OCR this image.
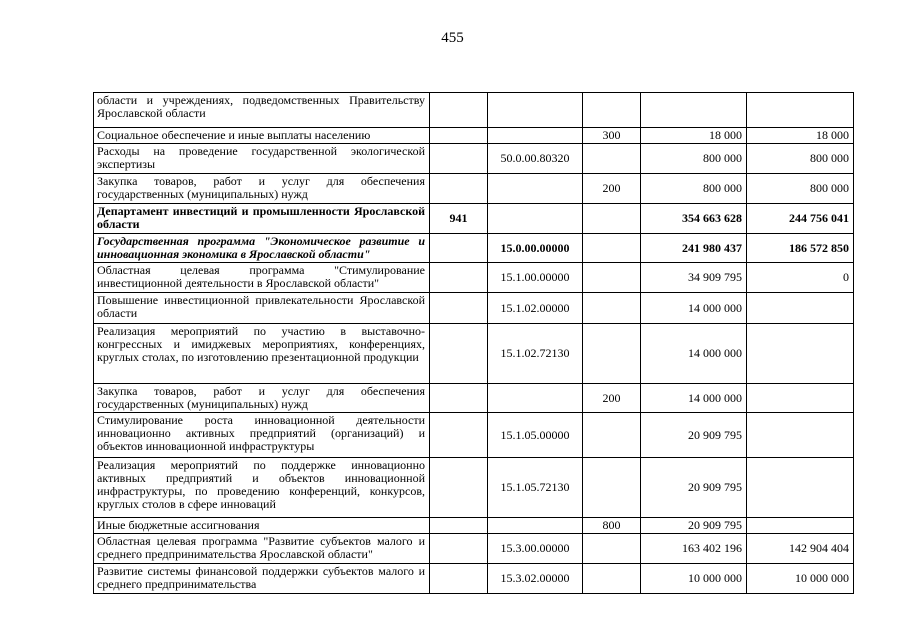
455
области и учреждениях, подведомственных Правительству Ярославской области					
Социальное обеспечение и иные выплаты населению			300	18 000	18 000
Расходы на проведение государственной экологической экспертизы		50.0.00.80320		800 000	800 000
Закупка товаров, работ и услуг для обеспечения государственных (муниципальных) нужд			200	800 000	800 000
Департамент инвестиций и промышленности Ярославской области	941			354 663 628	244 756 041
Государственная программа "Экономическое развитие и инновационная экономика в Ярославской области"		15.0.00.00000		241 980 437	186 572 850
Областная целевая программа "Стимулирование инвестиционной деятельности в Ярославской области"		15.1.00.00000		34 909 795	0
Повышение инвестиционной привлекательности Ярославской области		15.1.02.00000		14 000 000	
Реализация мероприятий по участию в выставочно-конгрессных и имиджевых мероприятиях, конференциях, круглых столах, по изготовлению презентационной продукции		15.1.02.72130		14 000 000	
Закупка товаров, работ и услуг для обеспечения государственных (муниципальных) нужд			200	14 000 000	
Стимулирование роста инновационной деятельности инновационно активных предприятий (организаций) и объектов инновационной инфраструктуры		15.1.05.00000		20 909 795	
Реализация мероприятий по поддержке инновационно активных предприятий и объектов инновационной инфраструктуры, по проведению конференций, конкурсов, круглых столов в сфере инноваций		15.1.05.72130		20 909 795	
Иные бюджетные ассигнования			800	20 909 795	
Областная целевая программа "Развитие субъектов малого и среднего предпринимательства Ярославской области"		15.3.00.00000		163 402 196	142 904 404
Развитие системы финансовой поддержки субъектов малого и среднего предпринимательства		15.3.02.00000		10 000 000	10 000 000
